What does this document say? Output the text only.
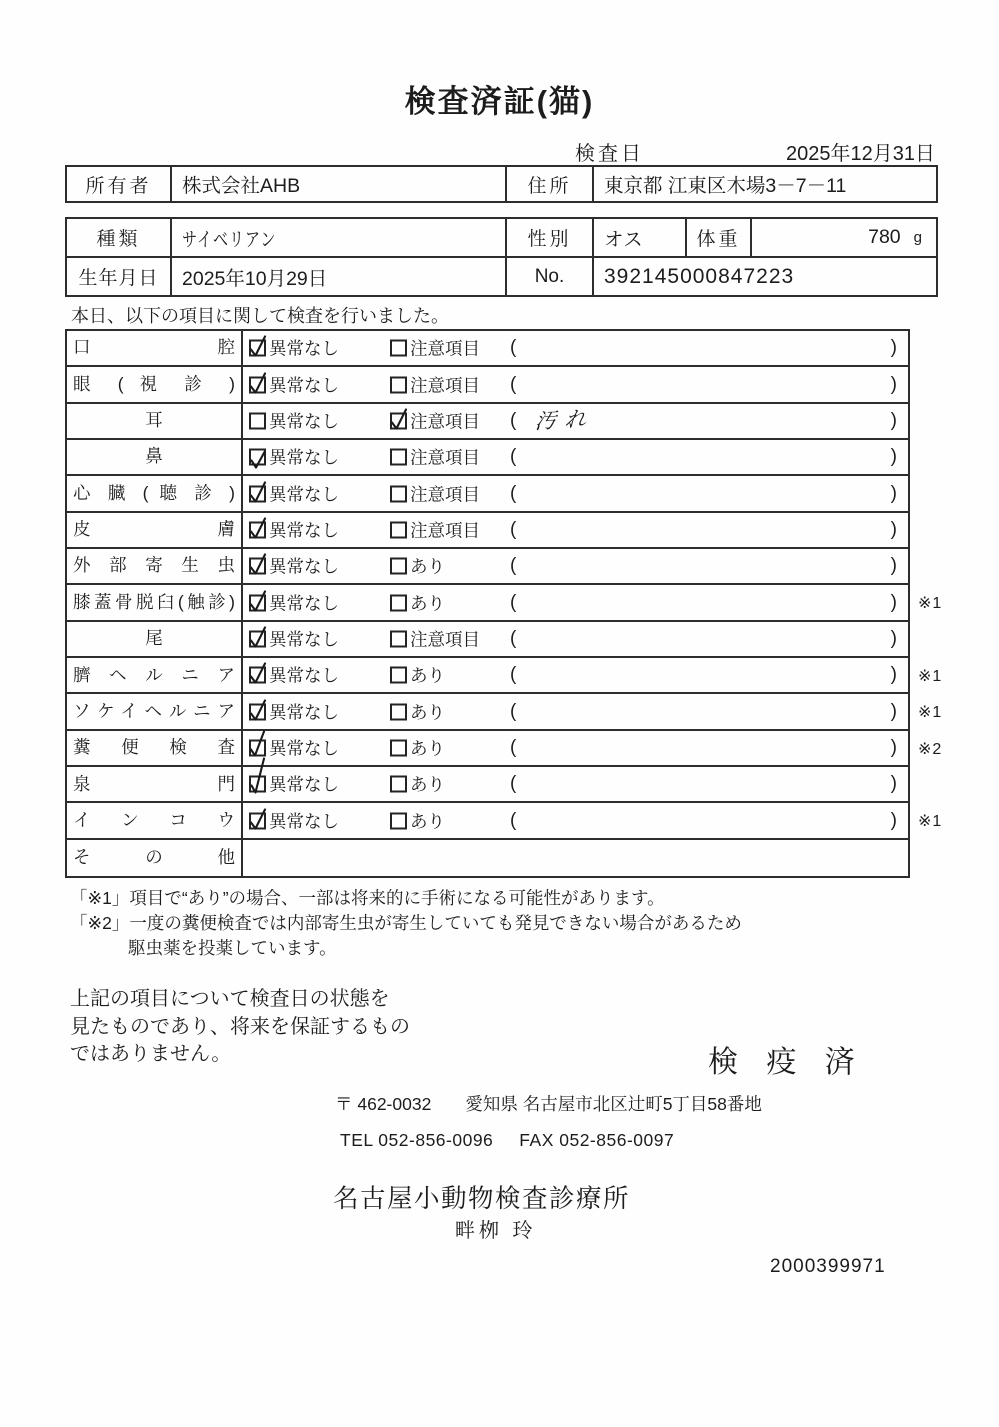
検査済証(猫)
検査日	2025年12月31日
所有者	株式会社AHB	住所	東京都 江東区木場3－7－11
種類	サイベリアン	性別	オス	体重	780 g
生年月日	2025年10月29日	No.	392145000847223
本日、以下の項目に関して検査を行いました。
口 腔 異常なし	注意項目 (	)
眼 ( 視 診 ) 異常なし	注意項目 (	)
耳	異常なし	注意項目 ( 汚れ	)
鼻	異常なし	注意項目 (	)
心 臓 ( 聴 診 ) 異常なし	注意項目 (	)
皮 膚 異常なし	注意項目 (	)
外 部 寄 生 虫 異常なし	あり	(	)
膝蓋骨脱臼(触診) 異常なし	あり	(	) ※1
尾	異常なし	注意項目 (	)
臍 ヘ ル ニ ア 異常なし	あり	(	) ※1
ソケイヘルニア 異常なし	あり	(	) ※1
糞 便 検 査 異常なし	あり	(	) ※2
泉 門 異常なし	あり	(	)
イ ン コ ウ 異常なし	あり	(	) ※1
そ の 他
「※1」項目で“あり”の場合、一部は将来的に手術になる可能性があります。
「※2」一度の糞便検査では内部寄生虫が寄生していても発見できない場合があるため
駆虫薬を投薬しています。
上記の項目について検査日の状態を
見たものであり、将来を保証するもの
ではありません。	検 疫 済
〒 462-0032 愛知県 名古屋市北区辻町5丁目58番地
TEL 052-856-0096 FAX 052-856-0097
名古屋小動物検査診療所
畔栁 玲
2000399971
